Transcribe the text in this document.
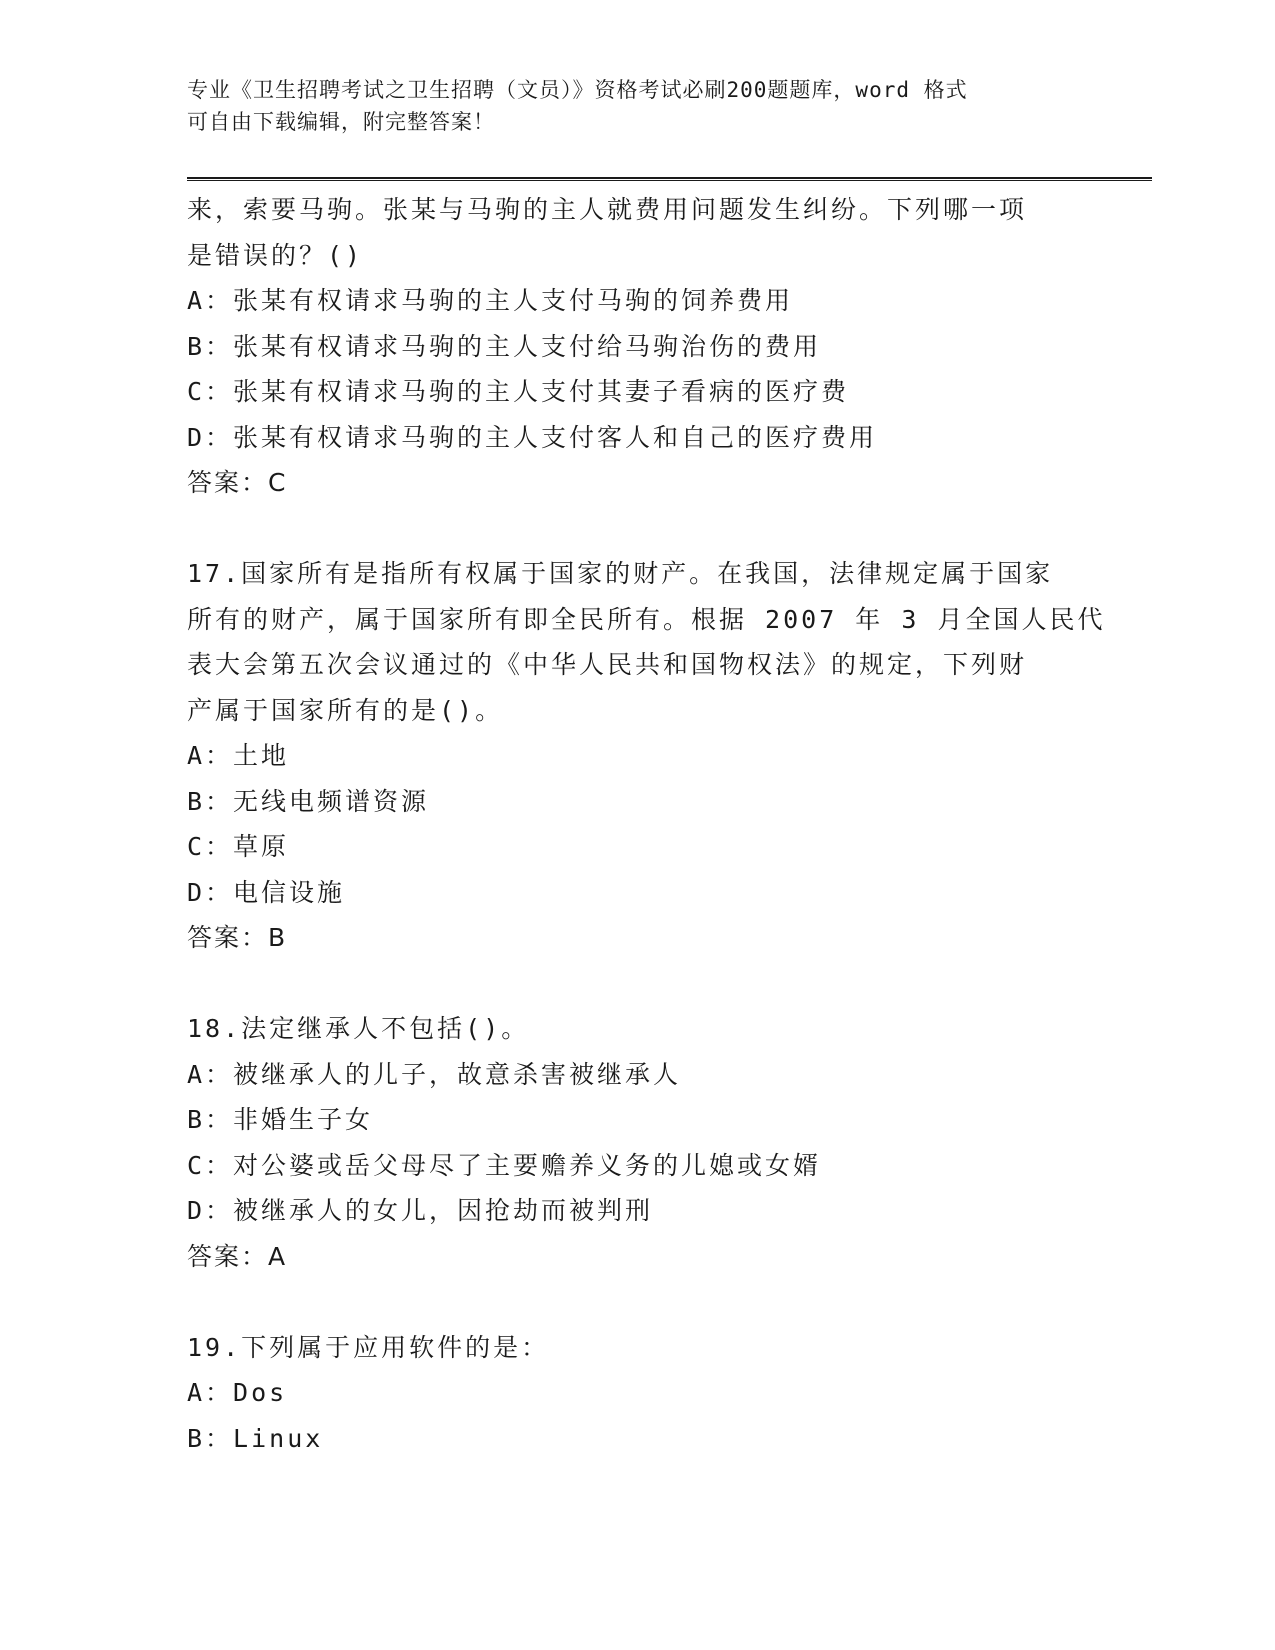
专业《卫生招聘考试之卫生招聘（文员）》资格考试必刷200题题库，word 格式
可自由下载编辑，附完整答案！
来，索要马驹。张某与马驹的主人就费用问题发生纠纷。下列哪一项
是错误的？()
A：张某有权请求马驹的主人支付马驹的饲养费用
B：张某有权请求马驹的主人支付给马驹治伤的费用
C：张某有权请求马驹的主人支付其妻子看病的医疗费
D：张某有权请求马驹的主人支付客人和自己的医疗费用
答案：C
17.国家所有是指所有权属于国家的财产。在我国，法律规定属于国家
所有的财产，属于国家所有即全民所有。根据 2007 年 3 月全国人民代
表大会第五次会议通过的《中华人民共和国物权法》的规定，下列财
产属于国家所有的是()。
A：土地
B：无线电频谱资源
C：草原
D：电信设施
答案：B
18.法定继承人不包括()。
A：被继承人的儿子，故意杀害被继承人
B：非婚生子女
C：对公婆或岳父母尽了主要赡养义务的儿媳或女婿
D：被继承人的女儿，因抢劫而被判刑
答案：A
19.下列属于应用软件的是：
A：Dos
B：Linux
